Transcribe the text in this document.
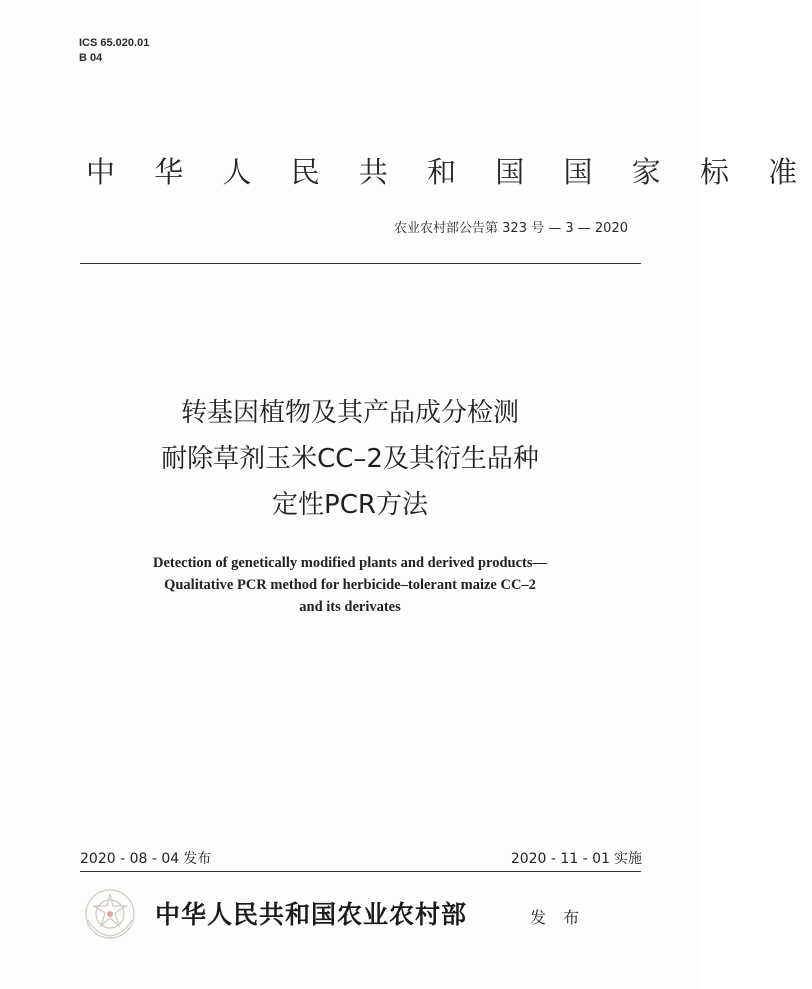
ICS 65.020.01
B 04
中 华 人 民 共 和 国 国 家 标 准
农业农村部公告第 323 号 — 3 — 2020
转基因植物及其产品成分检测
耐除草剂玉米CC–2及其衍生品种
定性PCR方法
Detection of genetically modified plants and derived products—
Qualitative PCR method for herbicide–tolerant maize CC–2
and its derivates
2020 - 08 - 04 发布	2020 - 11 - 01 实施
中华人民共和国农业农村部	发 布
